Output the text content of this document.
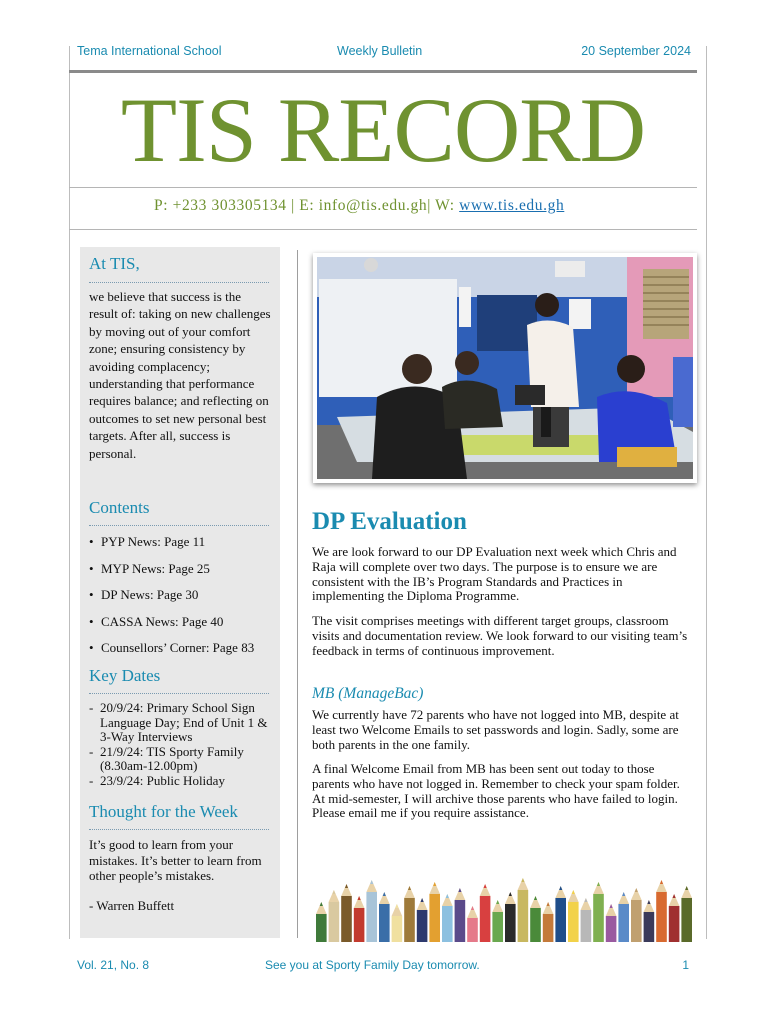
Tema International School	Weekly Bulletin	20 September 2024
TIS RECORD
P: +233 303305134 | E: info@tis.edu.gh| W: www.tis.edu.gh
At TIS,
we believe that success is the result of: taking on new challenges by moving out of your comfort zone; ensuring consistency by avoiding complacency; understanding that performance requires balance; and reflecting on outcomes to set new personal best targets. After all, success is personal.
Contents
• PYP News: Page 11
• MYP News: Page 25
• DP News: Page 30
• CASSA News: Page 40
• Counsellors’ Corner: Page 83
Key Dates
- 20/9/24: Primary School Sign Language Day; End of Unit 1 & 3-Way Interviews
- 21/9/24: TIS Sporty Family (8.30am-12.00pm)
- 23/9/24: Public Holiday
Thought for the Week
It’s good to learn from your mistakes. It’s better to learn from other people’s mistakes.
- Warren Buffett
DP Evaluation
We are look forward to our DP Evaluation next week which Chris and Raja will complete over two days. The purpose is to ensure we are consistent with the IB’s Program Standards and Practices in implementing the Diploma Programme.
The visit comprises meetings with different target groups, classroom visits and documentation review. We look forward to our visiting team’s feedback in terms of continuous improvement.
MB (ManageBac)
We currently have 72 parents who have not logged into MB, despite at least two Welcome Emails to set passwords and login. Sadly, some are both parents in the one family.
A final Welcome Email from MB has been sent out today to those parents who have not logged in. Remember to check your spam folder. At mid-semester, I will archive those parents who have failed to login. Please email me if you require assistance.
Vol. 21, No. 8	See you at Sporty Family Day tomorrow.	1
